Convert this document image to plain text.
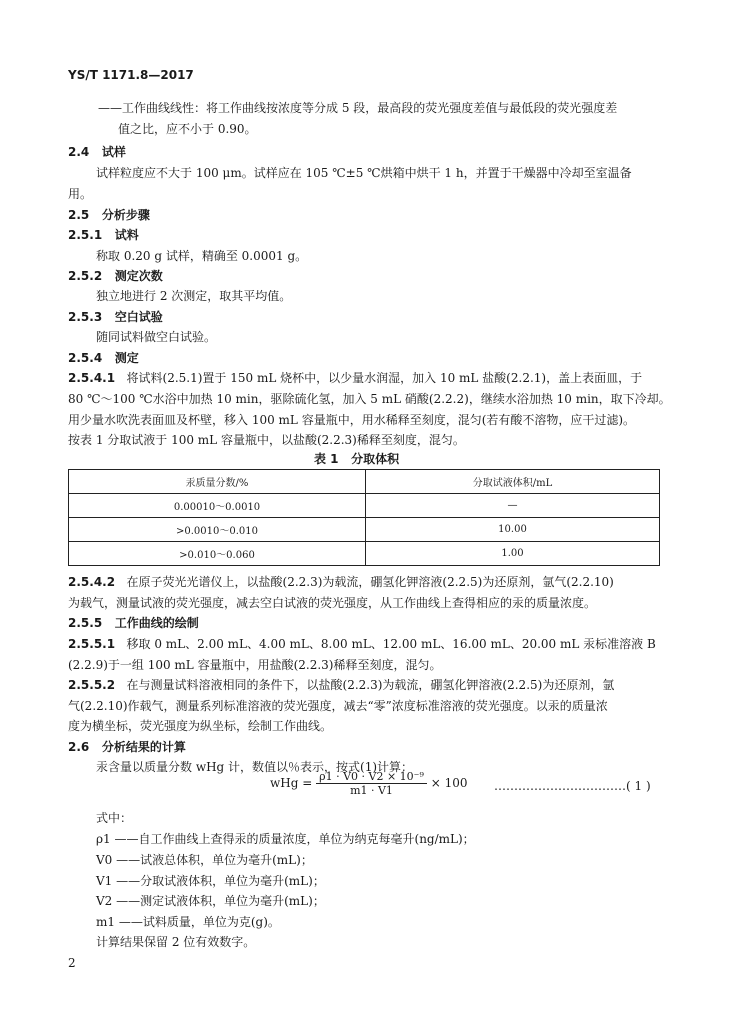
YS/T 1171.8—2017
——工作曲线线性：将工作曲线按浓度等分成 5 段，最高段的荧光强度差值与最低段的荧光强度差
值之比，应不小于 0.90。
2.4 试样
试样粒度应不大于 100 μm。试样应在 105 ℃±5 ℃烘箱中烘干 1 h，并置于干燥器中冷却至室温备
用。
2.5 分析步骤
2.5.1 试料
称取 0.20 g 试样，精确至 0.0001 g。
2.5.2 测定次数
独立地进行 2 次测定，取其平均值。
2.5.3 空白试验
随同试料做空白试验。
2.5.4 测定
2.5.4.1 将试料(2.5.1)置于 150 mL 烧杯中，以少量水润湿，加入 10 mL 盐酸(2.2.1)，盖上表面皿，于
80 ℃～100 ℃水浴中加热 10 min，驱除硫化氢，加入 5 mL 硝酸(2.2.2)，继续水浴加热 10 min，取下冷却。
用少量水吹洗表面皿及杯壁，移入 100 mL 容量瓶中，用水稀释至刻度，混匀(若有酸不溶物，应干过滤)。
按表 1 分取试液于 100 mL 容量瓶中，以盐酸(2.2.3)稀释至刻度，混匀。
表 1 分取体积
汞质量分数/%	分取试液体积/mL
0.00010～0.0010	—
>0.0010～0.010	10.00
>0.010～0.060	1.00
2.5.4.2 在原子荧光光谱仪上，以盐酸(2.2.3)为载流，硼氢化钾溶液(2.2.5)为还原剂，氩气(2.2.10)
为载气，测量试液的荧光强度，减去空白试液的荧光强度，从工作曲线上查得相应的汞的质量浓度。
2.5.5 工作曲线的绘制
2.5.5.1 移取 0 mL、2.00 mL、4.00 mL、8.00 mL、12.00 mL、16.00 mL、20.00 mL 汞标准溶液 B
(2.2.9)于一组 100 mL 容量瓶中，用盐酸(2.2.3)稀释至刻度，混匀。
2.5.5.2 在与测量试料溶液相同的条件下，以盐酸(2.2.3)为载流，硼氢化钾溶液(2.2.5)为还原剂，氩
气(2.2.10)作载气，测量系列标准溶液的荧光强度，减去“零”浓度标准溶液的荧光强度。以汞的质量浓
度为横坐标，荧光强度为纵坐标，绘制工作曲线。
2.6 分析结果的计算
汞含量以质量分数 wHg 计，数值以％表示，按式(1)计算：
wHg = $\frac{\text{ρ1 · V0 · V2 × 10⁻⁹}}{m1 \cdot V1} \times 100$ ……………………………( 1 )
式中：
ρ1 ——自工作曲线上查得汞的质量浓度，单位为纳克每毫升(ng/mL)；
V0 ——试液总体积，单位为毫升(mL)；
V1 ——分取试液体积，单位为毫升(mL)；
V2 ——测定试液体积，单位为毫升(mL)；
m1 ——试料质量，单位为克(g)。
计算结果保留 2 位有效数字。
2
